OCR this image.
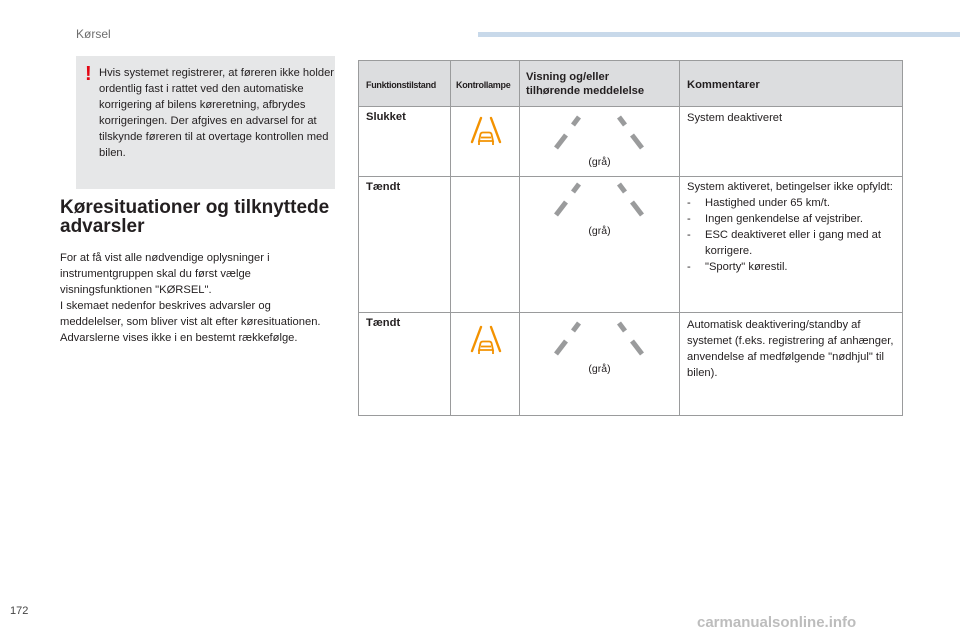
Kørsel
! Hvis systemet registrerer, at føreren ikke holder ordentlig fast i rattet ved den automatiske korrigering af bilens køreretning, afbrydes korrigeringen. Der afgives en advarsel for at tilskynde føreren til at overtage kontrollen med bilen.
Køresituationer og tilknyttede advarsler
For at få vist alle nødvendige oplysninger i instrumentgruppen skal du først vælge visningsfunktionen "KØRSEL".
I skemaet nedenfor beskrives advarsler og meddelelser, som bliver vist alt efter køresituationen.
Advarslerne vises ikke i en bestemt rækkefølge.
Funktionstilstand Kontrollampe
Visning og/eller tilhørende meddelelse	Kommentarer
Slukket
(grå)
System deaktiveret
Tændt
(grå)
System aktiveret, betingelser ikke opfyldt:
- Hastighed under 65 km/t.
- Ingen genkendelse af vejstriber.
- ESC deaktiveret eller i gang med at korrigere.
- "Sporty" kørestil.
Tændt
(grå)
Automatisk deaktivering/standby af systemet (f.eks. registrering af anhænger, anvendelse af medfølgende "nødhjul" til bilen).
172
carmanualsonline.info
